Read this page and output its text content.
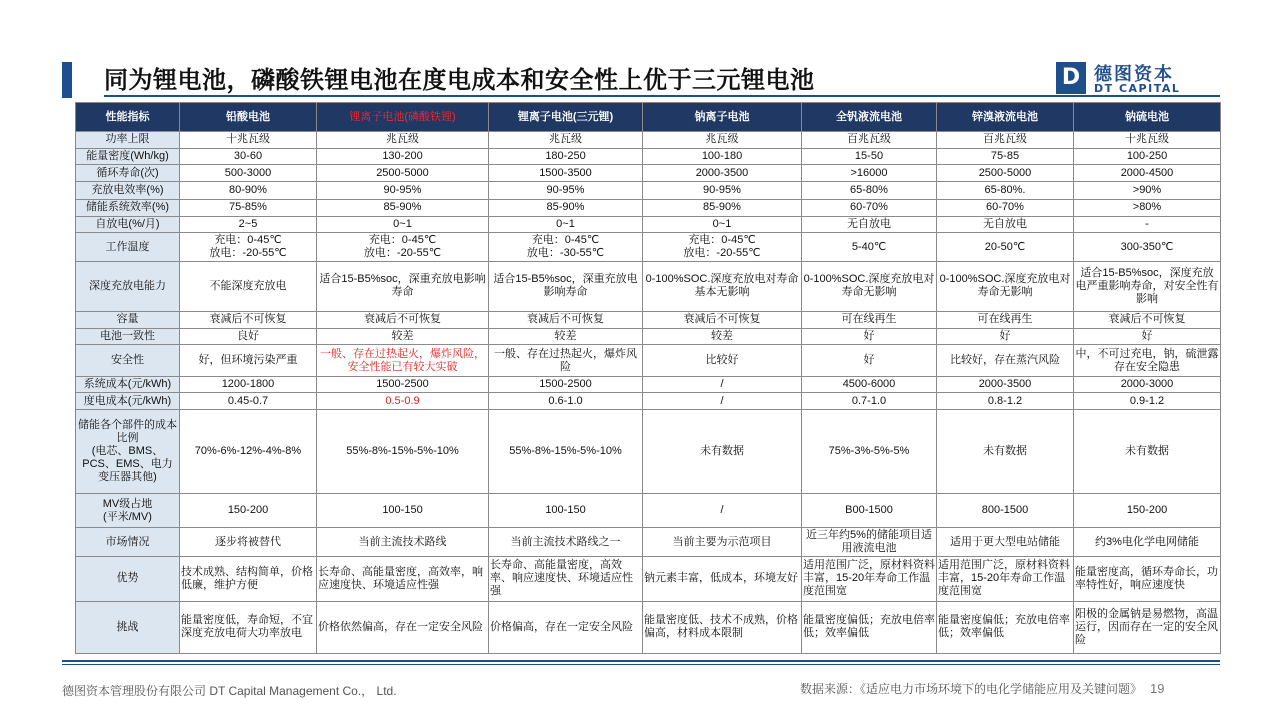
同为锂电池，磷酸铁锂电池在度电成本和安全性上优于三元锂电池	D 德图资本
DT CAPITAL
性能指标	铅酸电池	锂离子电池(磷酸铁锂)	锂离子电池(三元锂)	钠离子电池	全钒液流电池	锌溴液流电池	钠硫电池
功率上限	十兆瓦级	兆瓦级	兆瓦级	兆瓦级	百兆瓦级	百兆瓦级	十兆瓦级
能量密度(Wh/kg)	30-60	130-200	180-250	100-180	15-50	75-85	100-250
循环寿命(次)	500-3000	2500-5000	1500-3500	2000-3500	>16000	2500-5000	2000-4500
充放电效率(%)	80-90%	90-95%	90-95%	90-95%	65-80%	65-80%.	>90%
储能系统效率(%)	75-85%	85-90%	85-90%	85-90%	60-70%	60-70%	>80%
自放电(%/月)	2~5	0~1	0~1	0~1	无自放电	无自放电	-
工作温度	充电：0-45℃
放电：-20-55℃	充电：0-45℃
放电：-20-55℃	充电：0-45℃
放电：-30-55℃	充电：0-45℃
放电：-20-55℃	5-40℃	20-50℃	300-350℃
深度充放电能力	不能深度充放电	适合15-B5%soc，深重充放电影响寿命	适合15-B5%soc，深重充放电影响寿命	0-100%SOC.深度充放电对寿命基本无影响	0-100%SOC.深度充放电对寿命无影响	0-100%SOC.深度充放电对寿命无影响	适合15-B5%soc，深度充放电严重影响寿命，对安全性有影响
容量	衰减后不可恢复	衰减后不可恢复	衰减后不可恢复	衰减后不可恢复	可在线再生	可在线再生	衰减后不可恢复
电池一致性	良好	较差	较差	较差	好	好	好
安全性	好，但环境污染严重	一般、存在过热起火，爆炸风险，安全性能已有较大实破	一般、存在过热起火，爆炸风险	比较好	好	比较好，存在蒸汽风险	中，不可过充电，钠，硫泄露存在安全隐患
系统成本(元/kWh)	1200-1800	1500-2500	1500-2500	/	4500-6000	2000-3500	2000-3000
度电成本(元/kWh)	0.45-0.7	0.5-0.9	0.6-1.0	/	0.7-1.0	0.8-1.2	0.9-1.2
储能各个部件的成本比例
(电芯、BMS、PCS、EMS、电力变压器其他)	70%-6%-12%-4%-8%	55%-8%-15%-5%-10%	55%-8%-15%-5%-10%	未有数据	75%-3%-5%-5%	未有数据	未有数据
MV级占地
(平米/MV)	150-200	100-150	100-150	/	B00-1500	800-1500	150-200
市场情况	逐步将被替代	当前主流技术路线	当前主流技术路线之一	当前主要为示范项目	近三年约5%的储能项目适用液流电池	适用于更大型电站储能	约3%电化学电网储能
优势	技术成熟、结构简单，价格低廉，维护方便	长寿命、高能量密度，高效率，响应速度快、环境适应性强	长寿命、高能量密度，高效率、响应速度快、环境适应性强	钠元素丰富，低成本，环境友好	适用范围广泛，原材料资料丰富，15-20年寿命工作温度范围宽	适用范围广泛，原材料资料丰富，15-20年寿命工作温度范围宽	能量密度高，循环寿命长，功率特性好，响应速度快
挑战	能量密度低，寿命短，不宜深度充放电荷大功率放电	价格依然偏高，存在一定安全风险	价格偏高，存在一定安全风险	能量密度低、技术不成熟，价格偏高，材料成本限制	能量密度偏低；充放电倍率低；效率偏低	能量密度偏低；充放电倍率低；效率偏低	阳极的金属钠是易燃物，高温运行，因而存在一定的安全风险
德图资本管理股份有限公司 DT Capital Management Co.， Ltd.	数据来源：《适应电力市场环境下的电化学储能应用及关键问题》 19
